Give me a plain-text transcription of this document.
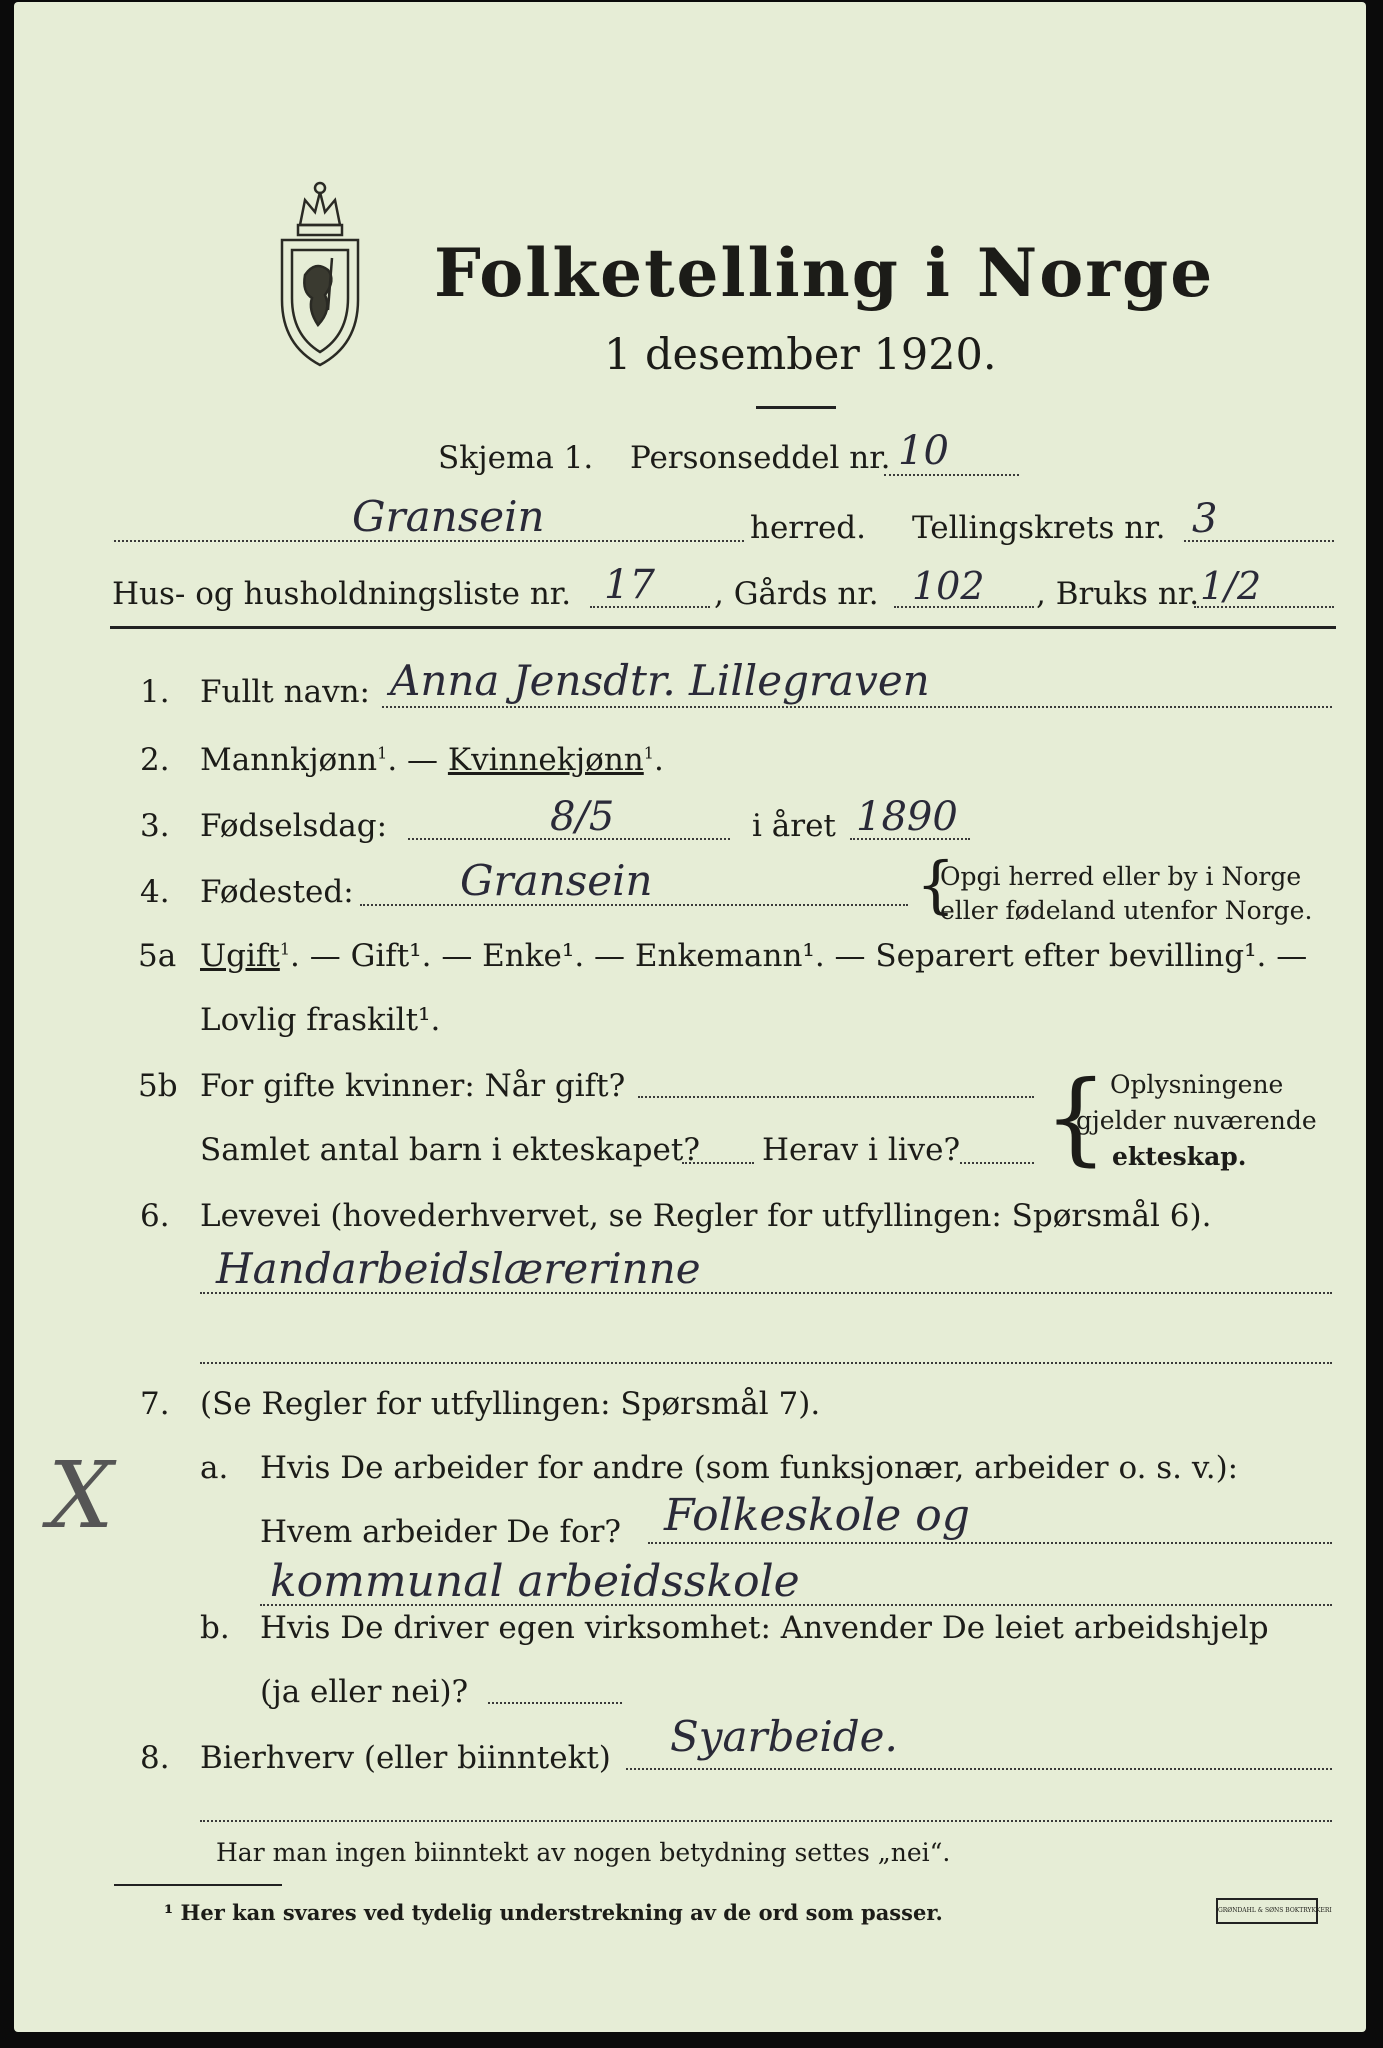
Folketelling i Norge
1 desember 1920.
Skjema 1. Personseddel nr. 10
Gransein	herred. Tellingskrets nr. 3
Hus- og husholdningsliste nr. 17 , Gårds nr. 102 , Bruks nr. 1/2
1. Fullt navn: Anna Jensdtr. Lillegraven
2. Mannkjønn$^1$. — Kvinnekjønn$^1$.
3. Fødselsdag:	8/5	i året 1890
4. Fødested:	Gransein	{
Opgi herred eller by i Norge
eller fødeland utenfor Norge.
5a Ugift$^1$. — Gift¹. — Enke¹. — Enkemann¹. — Separert efter bevilling¹. —
Lovlig fraskilt¹.
5b For gifte kvinner: Når gift?
Samlet antal barn i ekteskapet? Herav i live? { Oplysningene
gjelder nuværende
ekteskap.
6. Levevei (hovederhvervet, se Regler for utfyllingen: Spørsmål 6).
Handarbeidslærerinne
7. (Se Regler for utfyllingen: Spørsmål 7).
a. Hvis De arbeider for andre (som funksjonær, arbeider o. s. v.):
Hvem arbeider De for? Folkeskole og
kommunal arbeidsskole
b. Hvis De driver egen virksomhet: Anvender De leiet arbeidshjelp
(ja eller nei)?
8. Bierhverv (eller biinntekt) Syarbeide.
Har man ingen biinntekt av nogen betydning settes „nei“.
¹ Her kan svares ved tydelig understrekning av de ord som passer.	GRØNDAHL & SØNS BOKTRYKKERI
X
